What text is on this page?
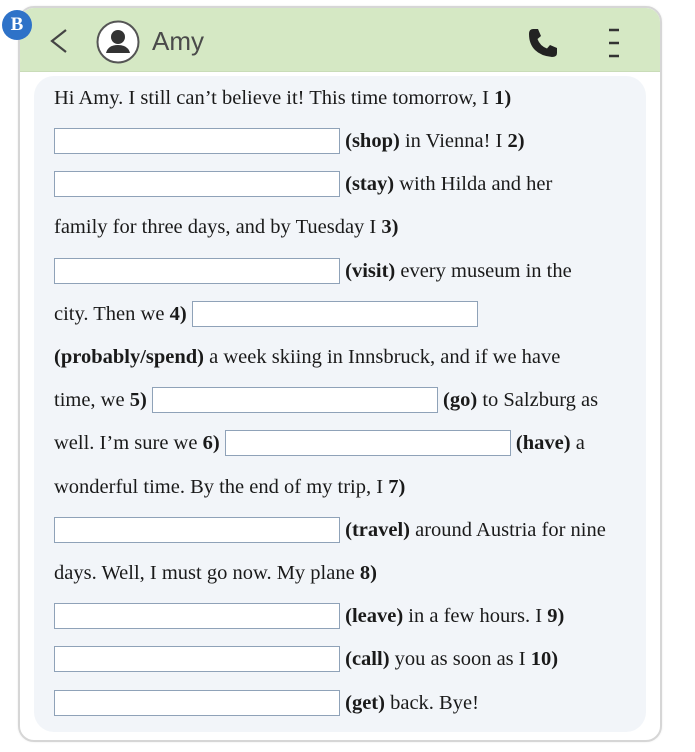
Amy
B
Hi Amy. I still can’t believe it! This time tomorrow, I 1)

(shop) in Vienna! I 2)

(stay) with Hilda and her
family for three days, and by Tuesday I 3)

(visit) every museum in the
city. Then we 4)

(probably/spend) a week skiing in Innsbruck, and if we have
time, we 5)

	(go) to Salzburg as
well. I’m sure we 6)

	(have) a
wonderful time. By the end of my trip, I 7)

(travel) around Austria for nine
days. Well, I must go now. My plane 8)

(leave) in a few hours. I 9)

(call) you as soon as I 10)

(get) back. Bye!
